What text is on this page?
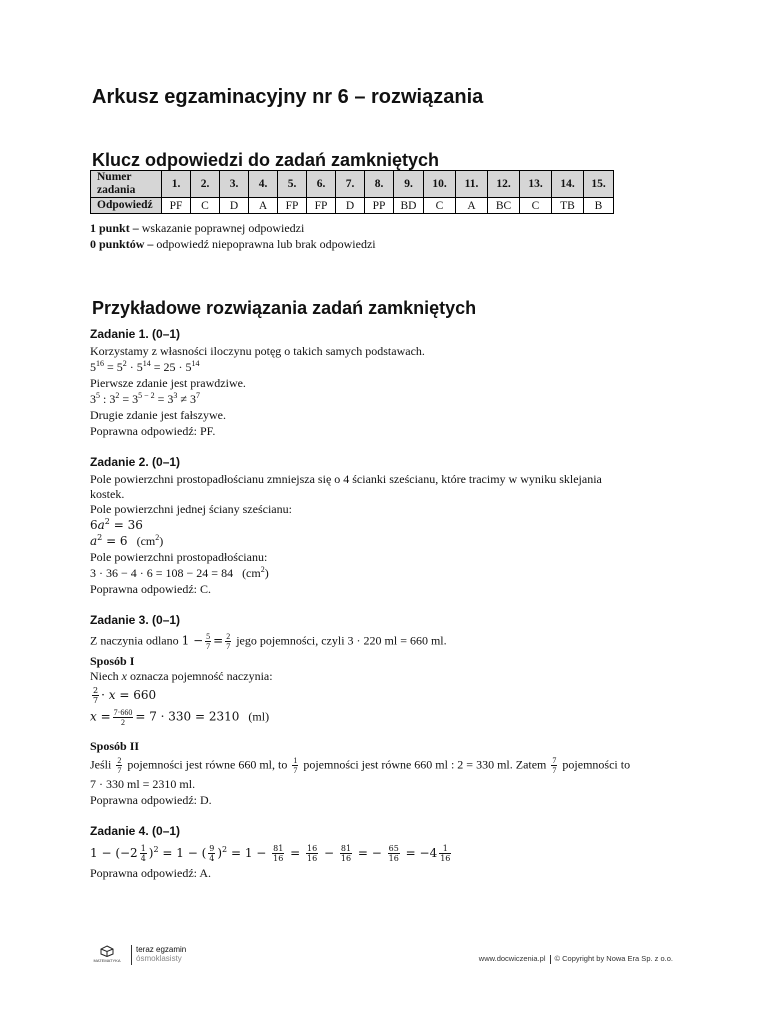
Arkusz egzaminacyjny nr 6 – rozwiązania
Klucz odpowiedzi do zadań zamkniętych
Numer
zadania	1.	2.	3.	4.	5.	6.	7.	8.	9.	10.	11.	12.	13.	14.	15.
Odpowiedź	PF	C	D	A	FP	FP	D	PP	BD	C	A	BC	C	TB	B
1 punkt – wskazanie poprawnej odpowiedzi
0 punktów – odpowiedź niepoprawna lub brak odpowiedzi
Przykładowe rozwiązania zadań zamkniętych
Zadanie 1. (0–1)
Korzystamy z własności iloczynu potęg o takich samych podstawach.
$5^{16} = 5^2 \cdot 5^{14} = 25 \cdot 5^{14}$
Pierwsze zdanie jest prawdziwe.
$3^5$ : $3^2 = 3^{5 - 2} = 3^3 \ne 3^7$
Drugie zdanie jest fałszywe.
Poprawna odpowiedź: PF.
Zadanie 2. (0–1)
Pole powierzchni prostopadłościanu zmniejsza się o 4 ścianki sześcianu, które tracimy w wyniku sklejania
kostek.
Pole powierzchni jednej ściany sześcianu:
$6a^2 = 36$
$a^2 = 6$   $(cm^2)$
Pole powierzchni prostopadłościanu:
3 · 36 − 4 · 6 = 108 − 24 = 84   $(cm^2)$
Poprawna odpowiedź: C.
Zadanie 3. (0–1)
Z naczynia odlano $1 - \frac{5}{7} = \frac{2}{7}$ jego pojemności, czyli 3 · 220 ml = 660 ml.
Sposób I
Niech x oznacza pojemność naczynia:
$\frac{2}{7} \cdot x = 660$
$x = \frac{7\cdot 660}{2} = 7 \cdot 330 = 2310$   (ml)
Sposób II
Jeśli $\frac{2}{7}$ pojemności jest równe 660 ml, to $\frac{1}{7}$ pojemności jest równe 660 ml : 2 = 330 ml. Zatem $\frac{7}{7}$ pojemności to
7 · 330 ml = 2310 ml.
Poprawna odpowiedź: D.
Zadanie 4. (0–1)
$1 - (-2 \frac{1}{4} )^2 = 1$ − ( $\frac{9}{4} )^2 = 1 - \frac{81}{16} = \frac{16}{16} - \frac{81}{16}$ = − $\frac{65}{16} = -4 \frac{1}{16}$
Poprawna odpowiedź: A.
MATEMATYKA
teraz egzamin
ósmoklasisty	www.docwiczenia.pl © Copyright by Nowa Era Sp. z o.o.
